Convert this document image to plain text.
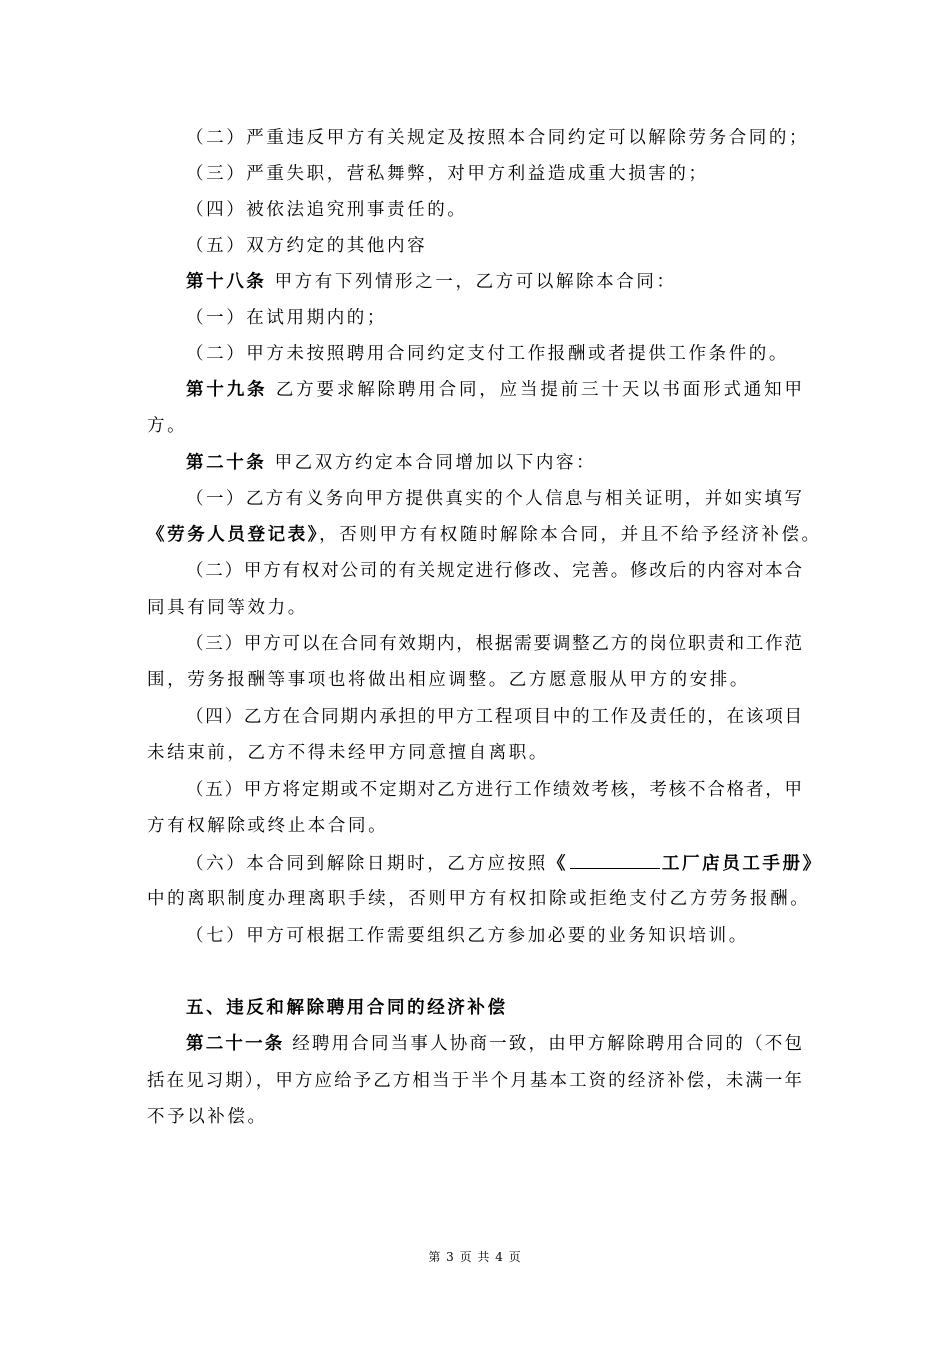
（二）严重违反甲方有关规定及按照本合同约定可以解除劳务合同的；
（三）严重失职，营私舞弊，对甲方利益造成重大损害的；
（四）被依法追究刑事责任的。
（五）双方约定的其他内容
第十八条 甲方有下列情形之一，乙方可以解除本合同：
（一）在试用期内的；
（二）甲方未按照聘用合同约定支付工作报酬或者提供工作条件的。
第十九条 乙方要求解除聘用合同，应当提前三十天以书面形式通知甲
方。
第二十条 甲乙双方约定本合同增加以下内容：
（一）乙方有义务向甲方提供真实的个人信息与相关证明，并如实填写
《劳务人员登记表》，否则甲方有权随时解除本合同，并且不给予经济补偿。
（二）甲方有权对公司的有关规定进行修改、完善。修改后的内容对本合
同具有同等效力。
（三）甲方可以在合同有效期内，根据需要调整乙方的岗位职责和工作范
围，劳务报酬等事项也将做出相应调整。乙方愿意服从甲方的安排。
（四）乙方在合同期内承担的甲方工程项目中的工作及责任的，在该项目
未结束前，乙方不得未经甲方同意擅自离职。
（五）甲方将定期或不定期对乙方进行工作绩效考核，考核不合格者，甲
方有权解除或终止本合同。
（六）本合同到解除日期时，乙方应按照《	工厂店员工手册》
中的离职制度办理离职手续，否则甲方有权扣除或拒绝支付乙方劳务报酬。
（七）甲方可根据工作需要组织乙方参加必要的业务知识培训。
五、违反和解除聘用合同的经济补偿
第二十一条 经聘用合同当事人协商一致，由甲方解除聘用合同的（不包
括在见习期），甲方应给予乙方相当于半个月基本工资的经济补偿，未满一年
不予以补偿。
第 3 页 共 4 页
